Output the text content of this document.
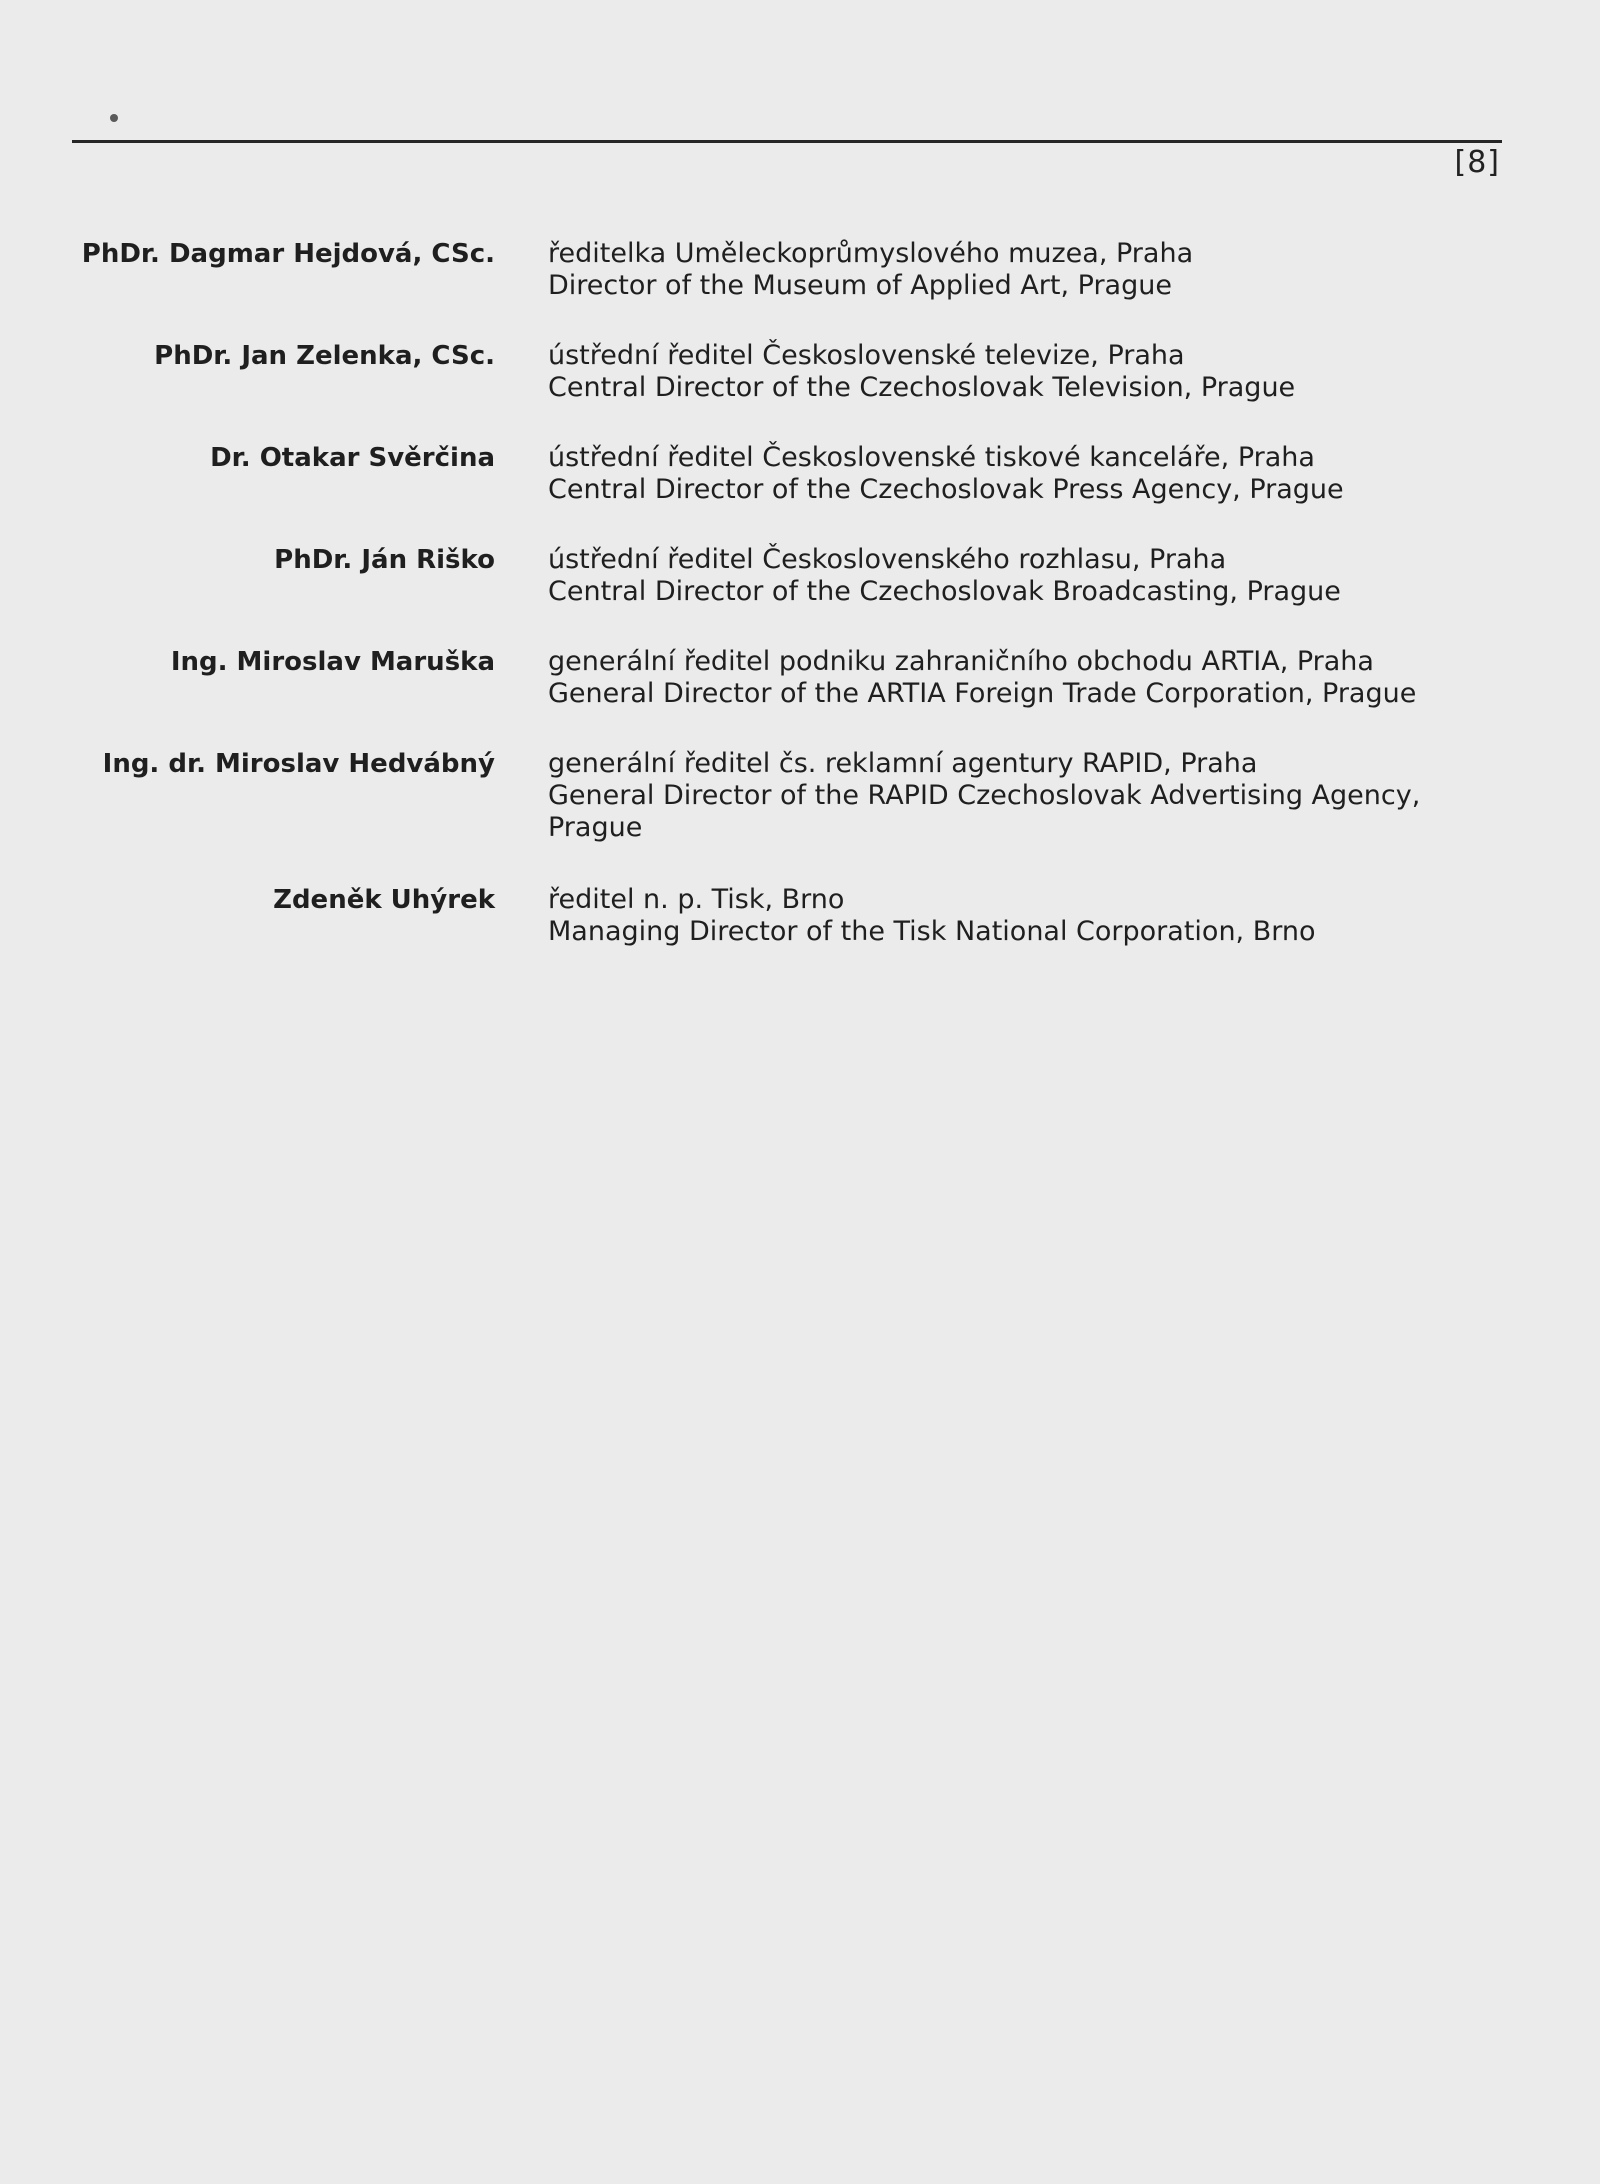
[8]
PhDr. Dagmar Hejdová, CSc. ředitelka Uměleckoprůmyslového muzea, Praha
Director of the Museum of Applied Art, Prague
PhDr. Jan Zelenka, CSc. ústřední ředitel Československé televize, Praha
Central Director of the Czechoslovak Television, Prague
Dr. Otakar Svěrčina ústřední ředitel Československé tiskové kanceláře, Praha
Central Director of the Czechoslovak Press Agency, Prague
PhDr. Ján Riško ústřední ředitel Československého rozhlasu, Praha
Central Director of the Czechoslovak Broadcasting, Prague
Ing. Miroslav Maruška generální ředitel podniku zahraničního obchodu ARTIA, Praha
General Director of the ARTIA Foreign Trade Corporation, Prague
Ing. dr. Miroslav Hedvábný generální ředitel čs. reklamní agentury RAPID, Praha
General Director of the RAPID Czechoslovak Advertising Agency, Prague
Zdeněk Uhýrek ředitel n. p. Tisk, Brno
Managing Director of the Tisk National Corporation, Brno
